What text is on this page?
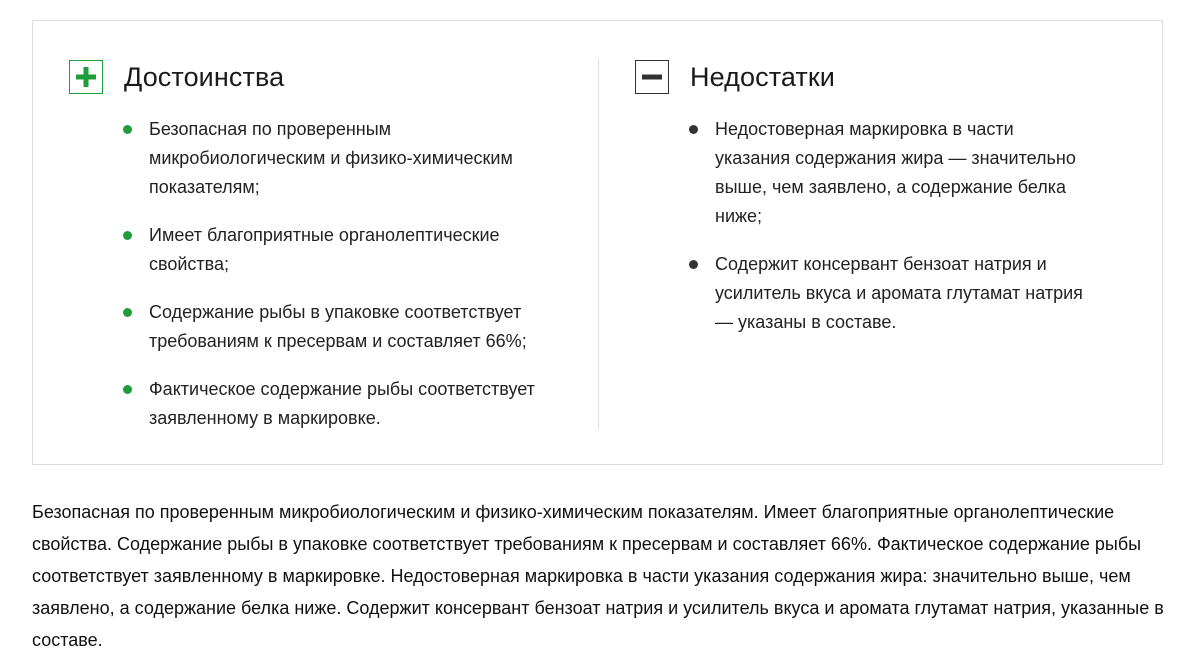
Достоинства
Безопасная по проверенным микробиологическим и физико-химическим показателям;
Имеет благоприятные органолептические свойства;
Содержание рыбы в упаковке соответствует требованиям к пресервам и составляет 66%;
Фактическое содержание рыбы соответствует заявленному в маркировке.
Недостатки
Недостоверная маркировка в части указания содержания жира — значительно выше, чем заявлено, а содержание белка ниже;
Содержит консервант бензоат натрия и усилитель вкуса и аромата глутамат натрия — указаны в составе.

Безопасная по проверенным микробиологическим и физико-химическим показателям. Имеет благоприятные органолептические свойства. Содержание рыбы в упаковке соответствует требованиям к пресервам и составляет 66%. Фактическое содержание рыбы соответствует заявленному в маркировке. Недостоверная маркировка в части указания содержания жира: значительно выше, чем заявлено, а содержание белка ниже. Содержит консервант бензоат натрия и усилитель вкуса и аромата глутамат натрия, указанные в составе.
